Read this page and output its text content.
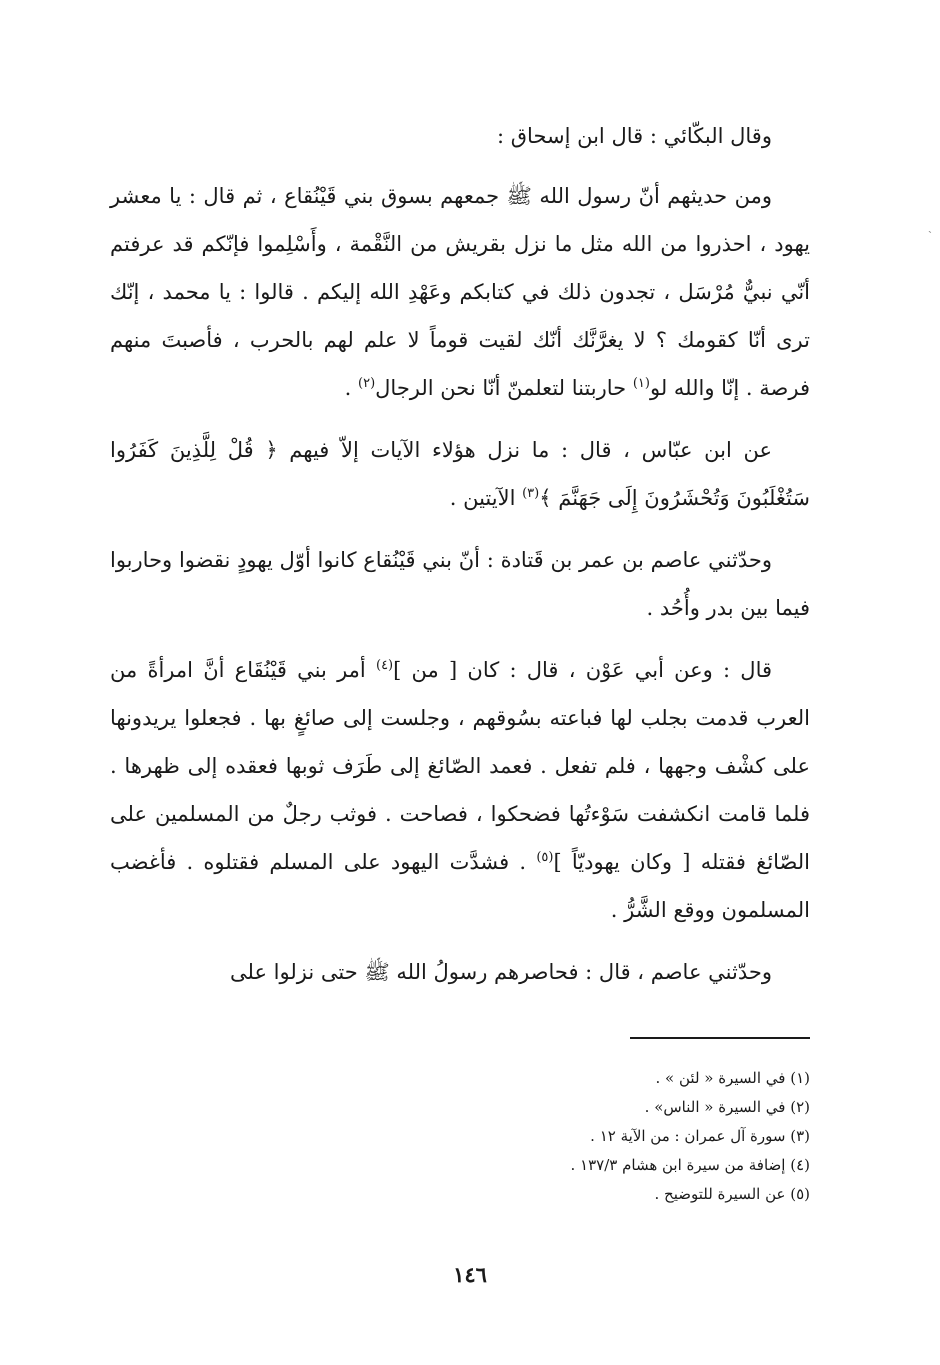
وقال البكّائي : قال ابن إسحاق :

ومن حديثهم أنّ رسول الله ﷺ جمعهم بسوق بني قَيْنُقاع ، ثم قال : يا معشر يهود ، احذروا من الله مثل ما نزل بقريش من النَّقْمة ، وأَسْلِموا فإنّكم قد عرفتم أنّي نبيٌّ مُرْسَل ، تجدون ذلك في كتابكم وعَهْدِ الله إليكم . قالوا : يا محمد ، إنّك ترى أنّا كقومك ؟ لا يغرَّنَّك أنّك لقيت قوماً لا علم لهم بالحرب ، فأصبتَ منهم فرصة . إنّا والله لو$^{(١)}$ حاربتنا لتعلمنّ أنّا نحن الرجال$^{(٢)}$ .

عن ابن عبّاس ، قال : ما نزل هؤلاء الآيات إلاّ فيهم ﴿ قُلْ لِلَّذِينَ كَفَرُوا سَتُغْلَبُونَ وَتُحْشَرُونَ إِلَى جَهَنَّمَ ﴾$^{(٣)}$ الآيتين .

وحدّثني عاصم بن عمر بن قَتادة : أنّ بني قَيْنُقاع كانوا أوّل يهودٍ نقضوا وحاربوا فيما بين بدر وأُحُد .

قال : وعن أبي عَوْن ، قال : كان [ من ]$^{(٤)}$ أمر بني قَيْنُقَاع أنَّ امرأةً من العرب قدمت بجلب لها فباعته بسُوقهم ، وجلست إلى صائغٍ بها . فجعلوا يريدونها على كشْف وجهها ، فلم تفعل . فعمد الصّائغ إلى طَرَف ثوبها فعقده إلى ظهرها . فلما قامت انكشفت سَوْءتُها فضحكوا ، فصاحت . فوثب رجلٌ من المسلمين على الصّائغ فقتله [ وكان يهوديّاً ]$^{(٥)}$ . فشدَّت اليهود على المسلم فقتلوه . فأغضب المسلمون ووقع الشَّرُّ .

وحدّثني عاصم ، قال : فحاصرهم رسولُ الله ﷺ حتى نزلوا على

(١) في السيرة « لئن » .

(٢) في السيرة « الناس» .

(٣) سورة آل عمران : من الآية ١٢ .

(٤) إضافة من سيرة ابن هشام ١٣٧/٣ .

(٥) عن السيرة للتوضيح .

١٤٦
˴
